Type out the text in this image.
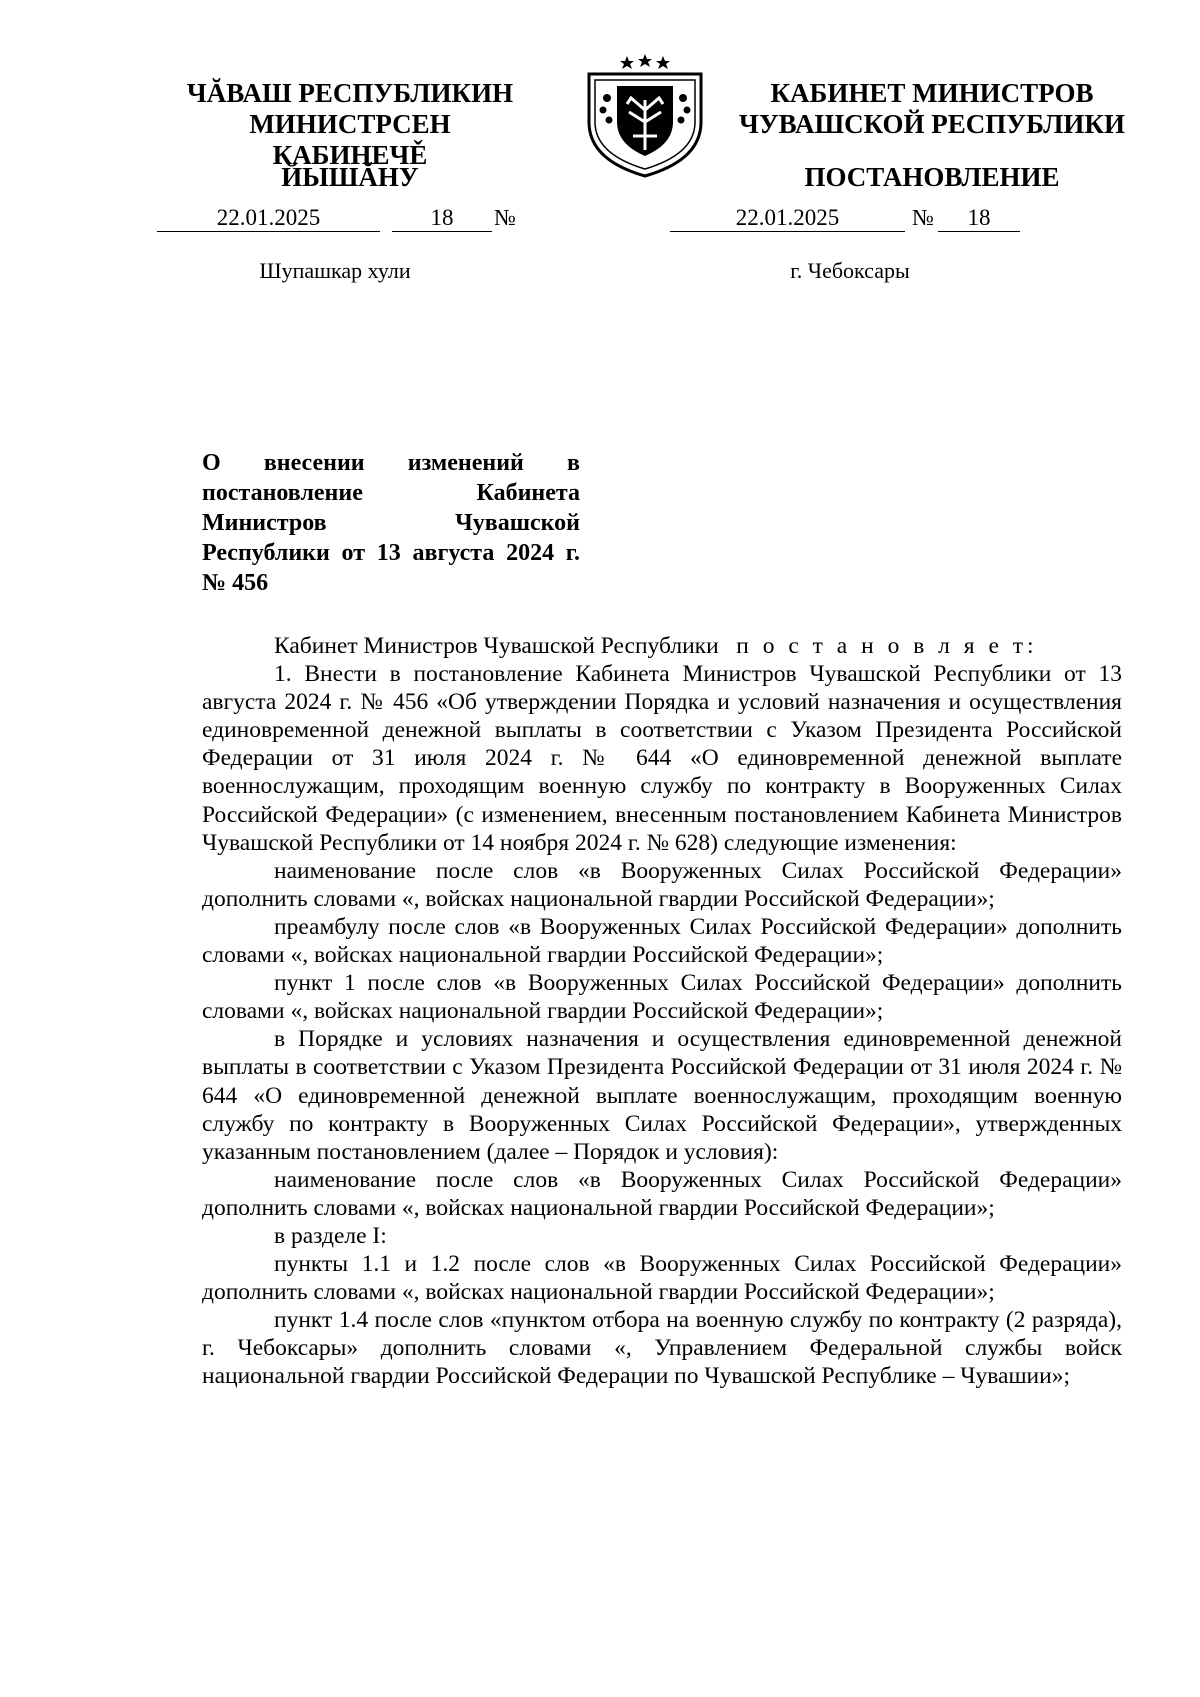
ЧĂВАШ РЕСПУБЛИКИН
МИНИСТРСЕН КАБИНЕЧĚ
ЙЫШĂНУ
КАБИНЕТ МИНИСТРОВ
ЧУВАШСКОЙ РЕСПУБЛИКИ
ПОСТАНОВЛЕНИЕ
22.01.2025	18	№	22.01.2025	№	18
Шупашкар хули	г. Чебоксары

О внесении изменений в постановление Кабинета Министров Чувашской Республики от 13 августа 2024 г. № 456

Кабинет Министров Чувашской Республики п о с т а н о в л я е т:

1. Внести в постановление Кабинета Министров Чувашской Республики от 13 августа 2024 г. № 456 «Об утверждении Порядка и условий назначения и осуществления единовременной денежной выплаты в соответствии с Указом Президента Российской Федерации от 31 июля 2024 г. № 644 «О единовременной денежной выплате военнослужащим, проходящим военную службу по контракту в Вооруженных Силах Российской Федерации» (с изменением, внесенным постановлением Кабинета Министров Чувашской Республики от 14 ноября 2024 г. № 628) следующие изменения:

наименование после слов «в Вооруженных Силах Российской Федерации» дополнить словами «, войсках национальной гвардии Российской Федерации»;

преамбулу после слов «в Вооруженных Силах Российской Федерации» дополнить словами «, войсках национальной гвардии Российской Федерации»;

пункт 1 после слов «в Вооруженных Силах Российской Федерации» дополнить словами «, войсках национальной гвардии Российской Федерации»;

в Порядке и условиях назначения и осуществления единовременной денежной выплаты в соответствии с Указом Президента Российской Федерации от 31 июля 2024 г. № 644 «О единовременной денежной выплате военнослужащим, проходящим военную службу по контракту в Вооруженных Силах Российской Федерации», утвержденных указанным постановлением (далее – Порядок и условия):

наименование после слов «в Вооруженных Силах Российской Федерации» дополнить словами «, войсках национальной гвардии Российской Федерации»;

в разделе I:

пункты 1.1 и 1.2 после слов «в Вооруженных Силах Российской Федерации» дополнить словами «, войсках национальной гвардии Российской Федерации»;

пункт 1.4 после слов «пунктом отбора на военную службу по контракту (2 разряда), г. Чебоксары» дополнить словами «, Управлением Федеральной службы войск национальной гвардии Российской Федерации по Чувашской Республике – Чувашии»;
